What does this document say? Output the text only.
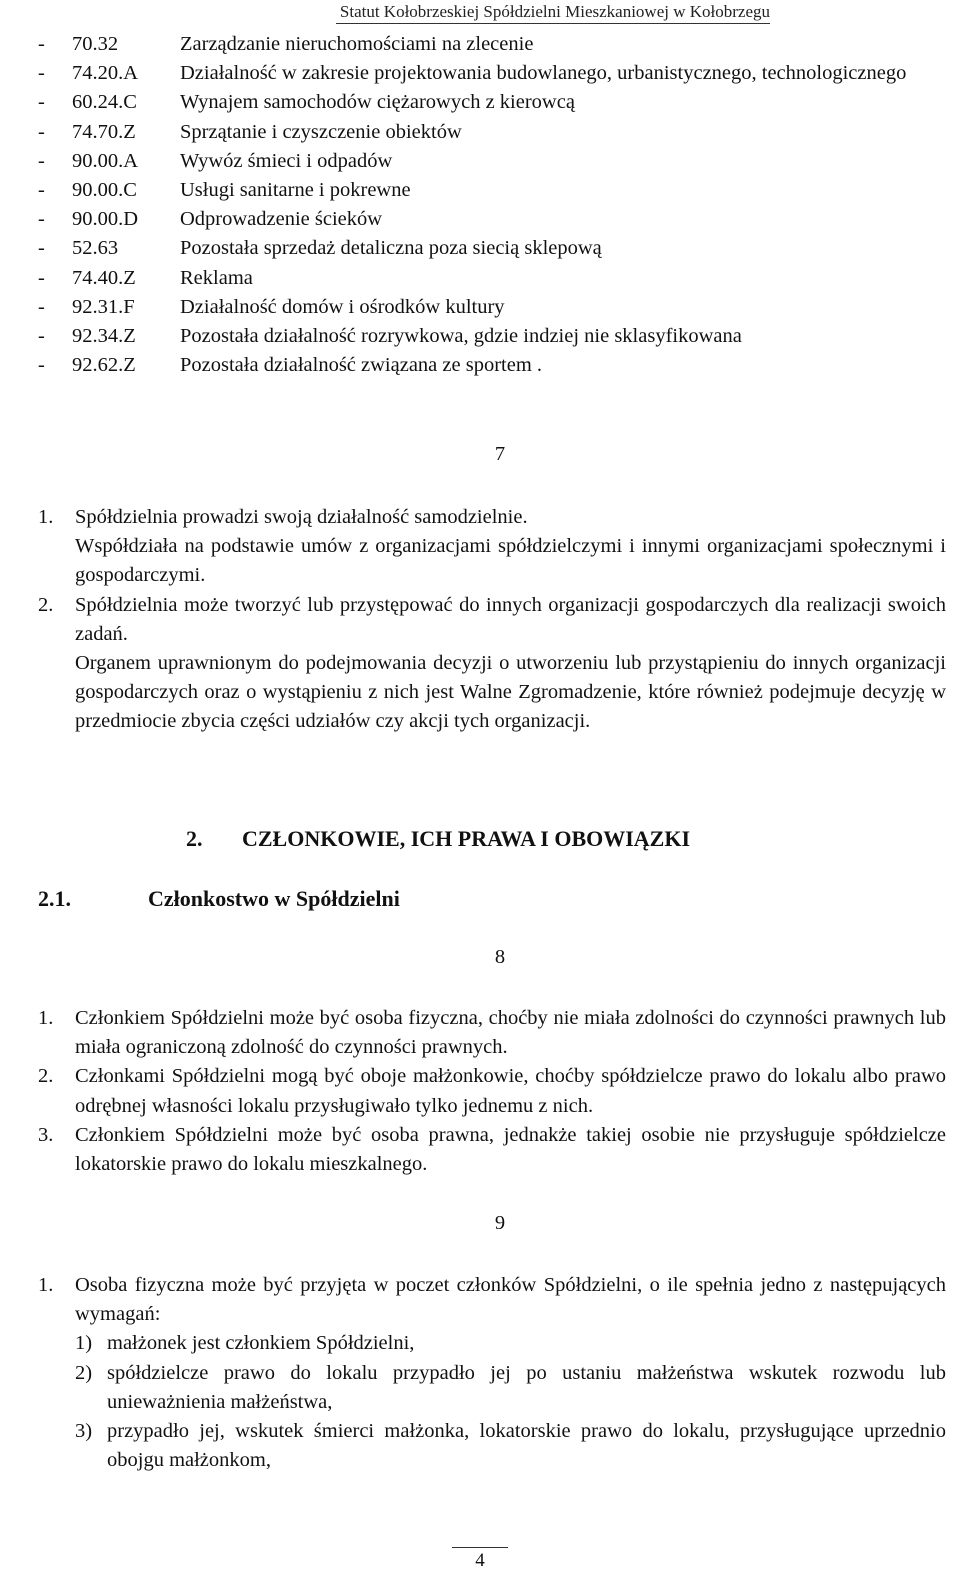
Statut Kołobrzeskiej Spółdzielni Mieszkaniowej w Kołobrzegu
-	70.32	Zarządzanie nieruchomościami na zlecenie
-	74.20.A	Działalność w zakresie projektowania budowlanego, urbanistycznego, technologicznego
-	60.24.C	Wynajem samochodów ciężarowych z kierowcą
-	74.70.Z	Sprzątanie i czyszczenie obiektów
-	90.00.A	Wywóz śmieci i odpadów
-	90.00.C	Usługi sanitarne i pokrewne
-	90.00.D	Odprowadzenie ścieków
-	52.63	Pozostała sprzedaż detaliczna poza siecią sklepową
-	74.40.Z	Reklama
-	92.31.F	Działalność domów i ośrodków kultury
-	92.34.Z	Pozostała działalność rozrywkowa, gdzie indziej nie sklasyfikowana
-	92.62.Z	Pozostała działalność związana ze sportem .
7
1.	Spółdzielnia prowadzi swoją działalność samodzielnie.
Współdziała na podstawie umów z organizacjami spółdzielczymi i innymi organizacjami społecznymi i gospodarczymi.
2.	Spółdzielnia może tworzyć lub przystępować do innych organizacji gospodarczych dla realizacji swoich zadań.
Organem uprawnionym do podejmowania decyzji o utworzeniu lub przystąpieniu do innych organizacji gospodarczych oraz o wystąpieniu z nich jest Walne Zgromadzenie, które również podejmuje decyzję w przedmiocie zbycia części udziałów czy akcji tych organizacji.
2. CZŁONKOWIE, ICH PRAWA I OBOWIĄZKI
2.1.	Członkostwo w Spółdzielni
8
1.	Członkiem Spółdzielni może być osoba fizyczna, choćby nie miała zdolności do czynności prawnych lub miała ograniczoną zdolność do czynności prawnych.
2.	Członkami Spółdzielni mogą być oboje małżonkowie, choćby spółdzielcze prawo do lokalu albo prawo odrębnej własności lokalu przysługiwało tylko jednemu z nich.
3.	Członkiem Spółdzielni może być osoba prawna, jednakże takiej osobie nie przysługuje spółdzielcze lokatorskie prawo do lokalu mieszkalnego.
9
1.	Osoba fizyczna może być przyjęta w poczet członków Spółdzielni, o ile spełnia jedno z następujących wymagań:
1) małżonek jest członkiem Spółdzielni,
2) spółdzielcze prawo do lokalu przypadło jej po ustaniu małżeństwa wskutek rozwodu lub unieważnienia małżeństwa,
3) przypadło jej, wskutek śmierci małżonka, lokatorskie prawo do lokalu, przysługujące uprzednio obojgu małżonkom,
4
